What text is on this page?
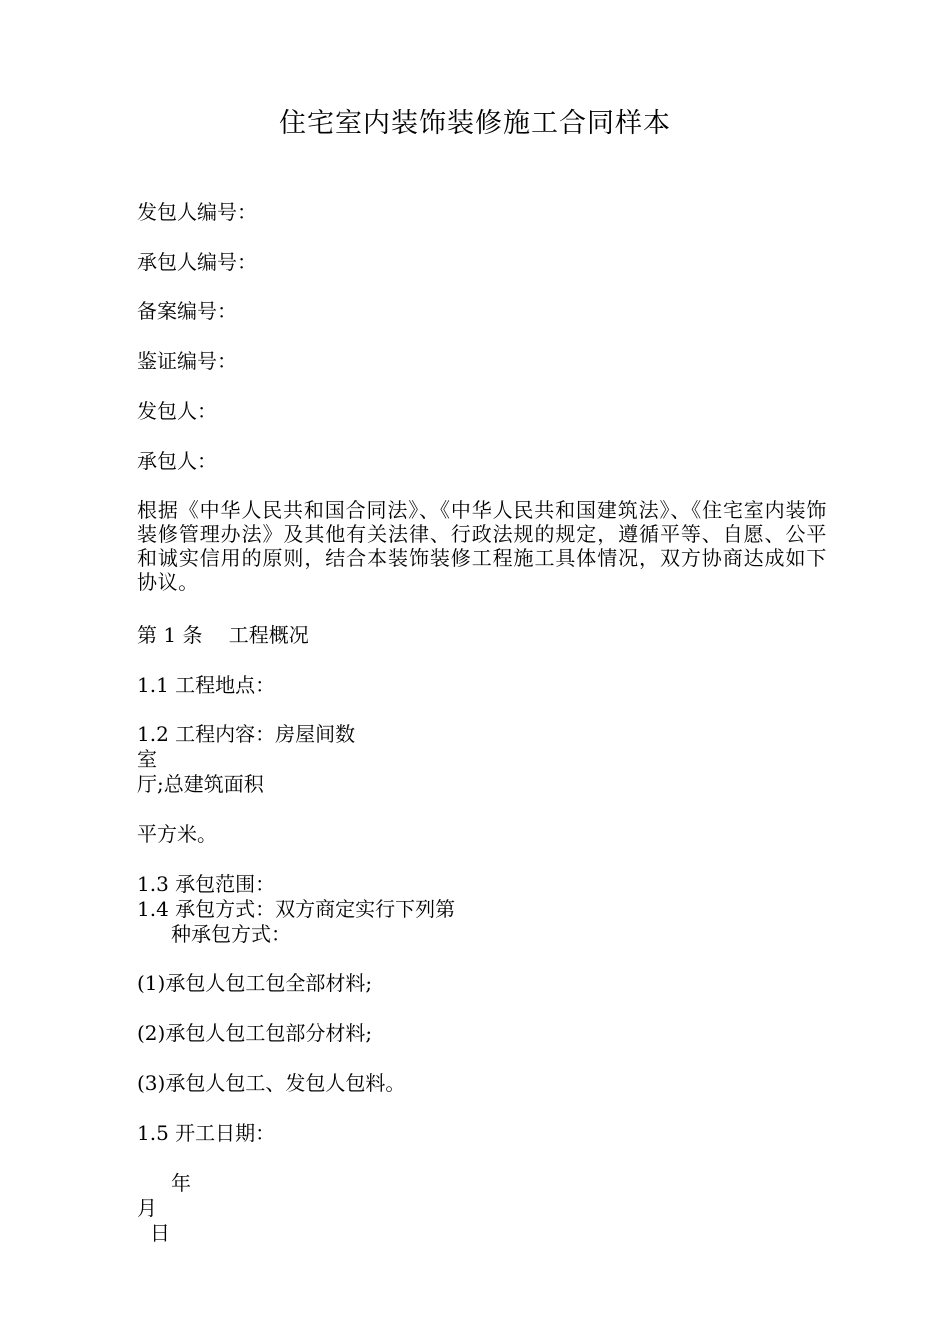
住宅室内装饰装修施工合同样本
发包人编号：
承包人编号：
备案编号：
鉴证编号：
发包人：
承包人：
根据《中华人民共和国合同法》、《中华人民共和国建筑法》、《住宅室内装饰装修管理办法》及其他有关法律、行政法规的规定，遵循平等、自愿、公平和诚实信用的原则，结合本装饰装修工程施工具体情况，双方协商达成如下协议。
第 1 条　 工程概况
1.1 工程地点：
1.2 工程内容：房屋间数
室
厅;总建筑面积
平方米。
1.3 承包范围：
1.4 承包方式：双方商定实行下列第
种承包方式：
(1)承包人包工包全部材料;
(2)承包人包工包部分材料;
(3)承包人包工、发包人包料。
1.5 开工日期：
年
月
日
